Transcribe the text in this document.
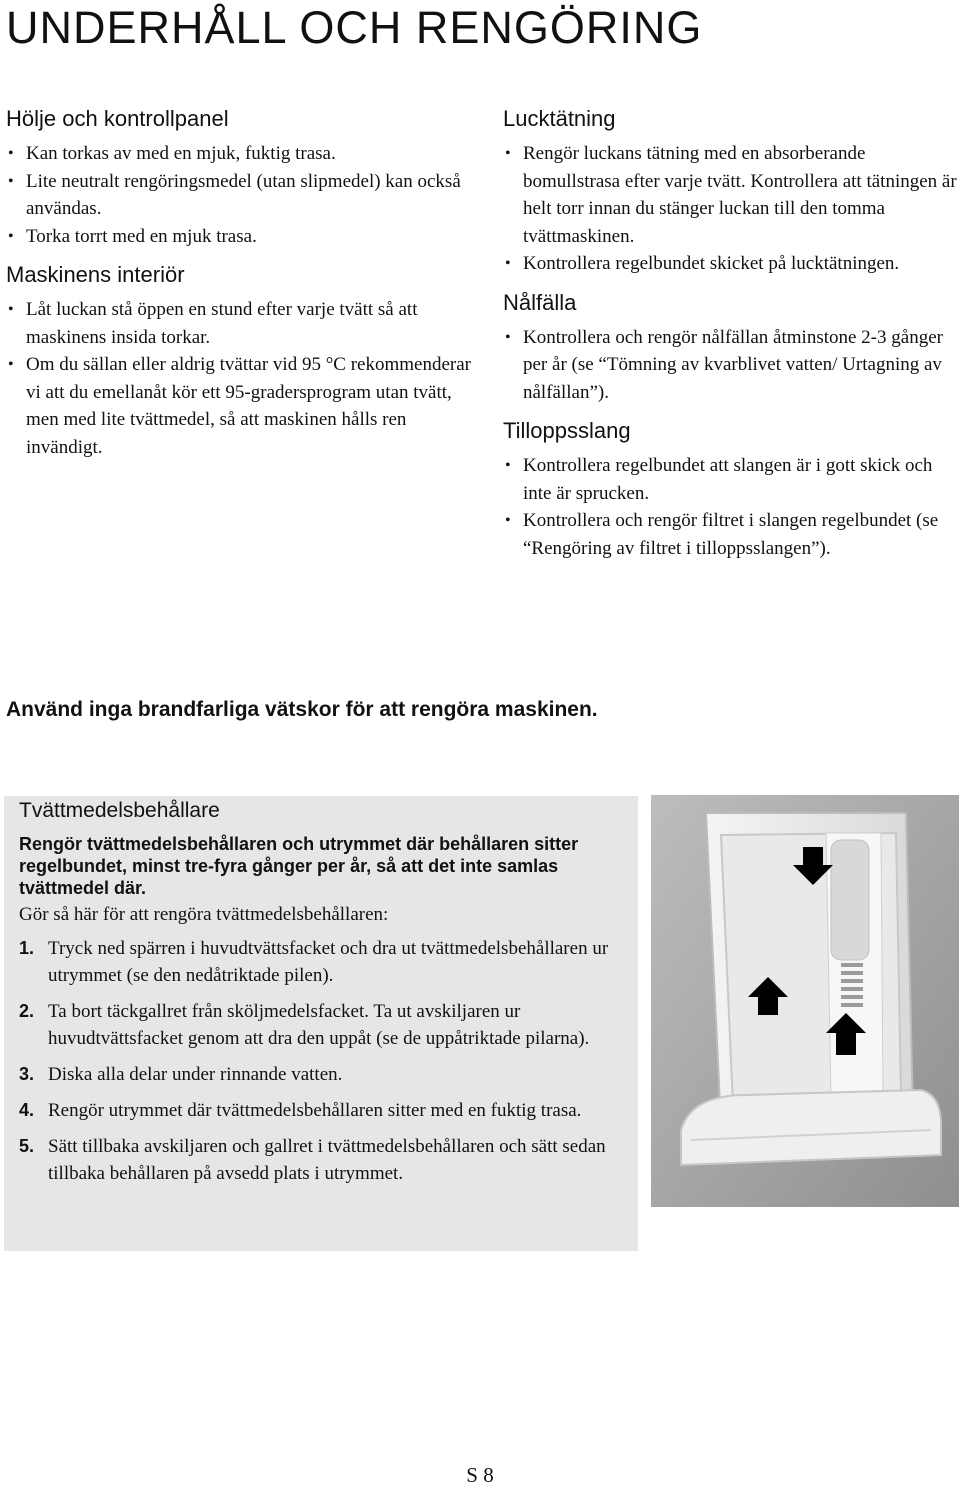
UNDERHÅLL OCH RENGÖRING
Hölje och kontrollpanel
• Kan torkas av med en mjuk, fuktig trasa.
• Lite neutralt rengöringsmedel (utan slipmedel) kan också användas.
• Torka torrt med en mjuk trasa.
Maskinens interiör
• Låt luckan stå öppen en stund efter varje tvätt så att maskinens insida torkar.
• Om du sällan eller aldrig tvättar vid 95 °C rekommenderar vi att du emellanåt kör ett 95-gradersprogram utan tvätt, men med lite tvättmedel, så att maskinen hålls ren invändigt.
Lucktätning
• Rengör luckans tätning med en absorberande bomullstrasa efter varje tvätt. Kontrollera att tätningen är helt torr innan du stänger luckan till den tomma tvättmaskinen.
• Kontrollera regelbundet skicket på lucktätningen.
Nålfälla
• Kontrollera och rengör nålfällan åtminstone 2-3 gånger per år (se “Tömning av kvarblivet vatten/ Urtagning av nålfällan”).
Tilloppsslang
• Kontrollera regelbundet att slangen är i gott skick och inte är sprucken.
• Kontrollera och rengör filtret i slangen regelbundet (se “Rengöring av filtret i tilloppsslangen”).

Använd inga brandfarliga vätskor för att rengöra maskinen.

Tvättmedelsbehållare

Rengör tvättmedelsbehållaren och utrymmet där behållaren sitter regelbundet, minst tre-fyra gånger per år, så att det inte samlas tvättmedel där.

Gör så här för att rengöra tvättmedelsbehållaren:

1. Tryck ned spärren i huvudtvättsfacket och dra ut tvättmedelsbehållaren ur utrymmet (se den nedåtriktade pilen).
2. Ta bort täckgallret från sköljmedelsfacket. Ta ut avskiljaren ur huvudtvättsfacket genom att dra den uppåt (se de uppåtriktade pilarna).
3. Diska alla delar under rinnande vatten.
4. Rengör utrymmet där tvättmedelsbehållaren sitter med en fuktig trasa.
5. Sätt tillbaka avskiljaren och gallret i tvättmedelsbehållaren och sätt sedan tillbaka behållaren på avsedd plats i utrymmet.
S 8
